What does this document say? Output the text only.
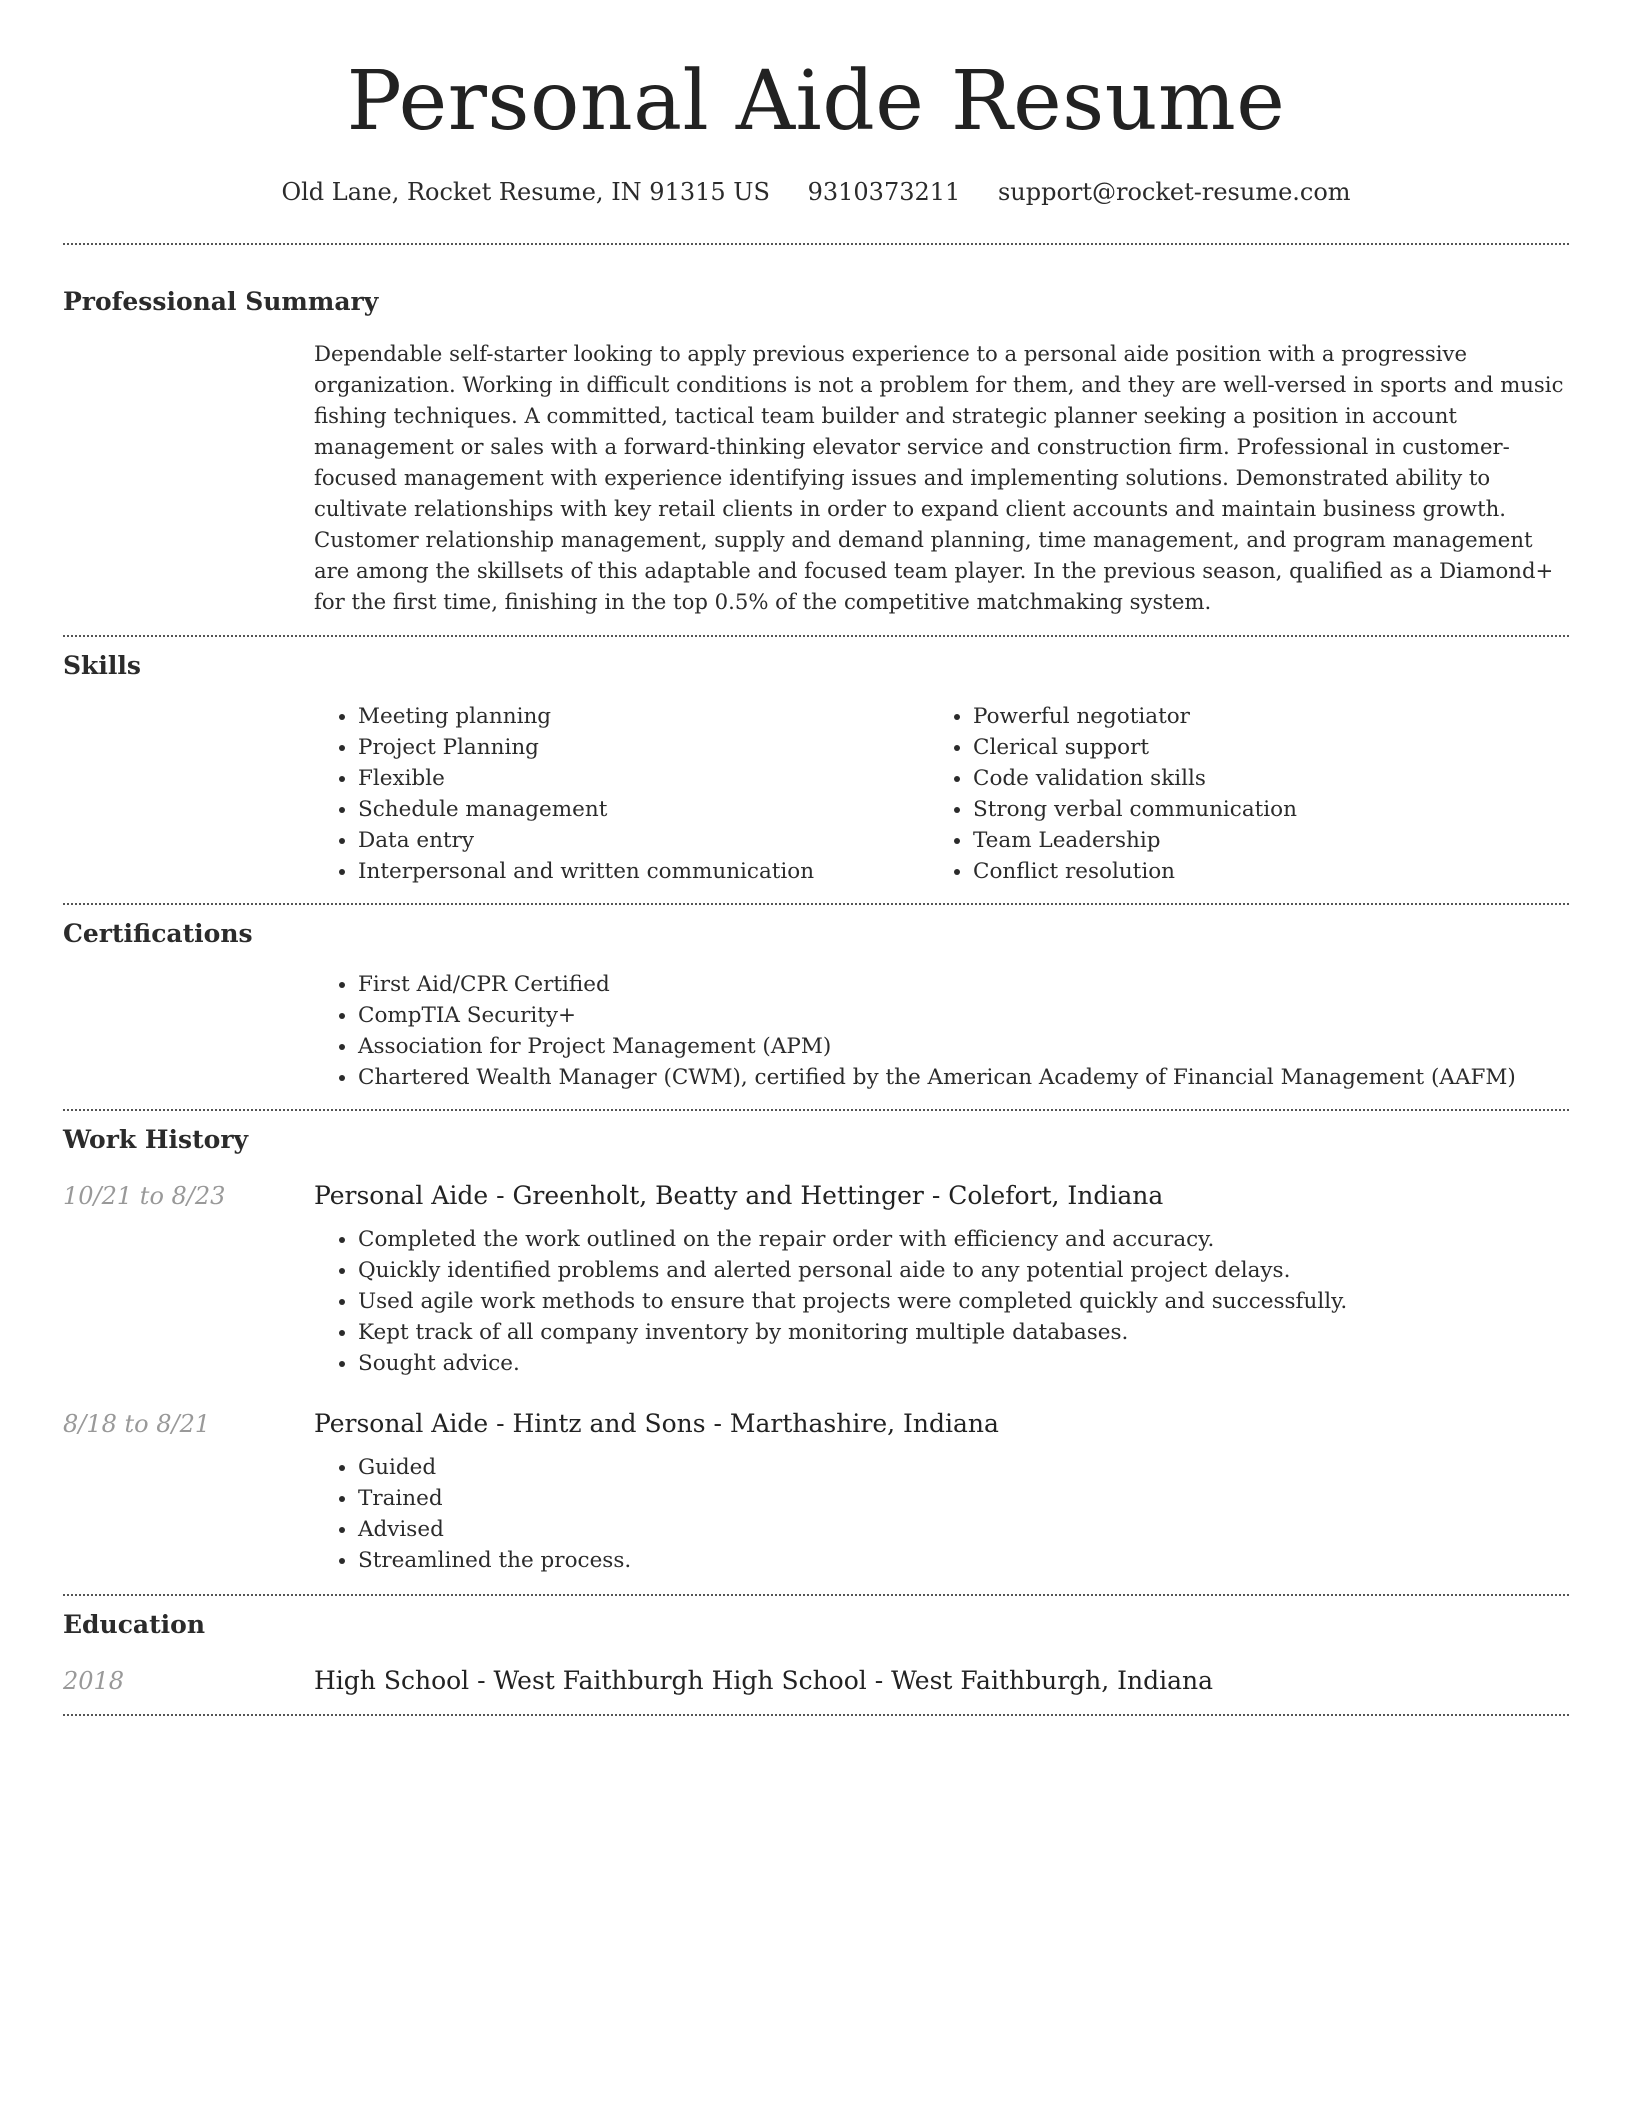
Personal Aide Resume
Old Lane, Rocket Resume, IN 91315 US 9310373211 support@rocket-resume.com
Professional Summary
Dependable self-starter looking to apply previous experience to a personal aide position with a progressive organization. Working in difficult conditions is not a problem for them, and they are well-versed in sports and music fishing techniques. A committed, tactical team builder and strategic planner seeking a position in account management or sales with a forward-thinking elevator service and construction firm. Professional in customer-focused management with experience identifying issues and implementing solutions. Demonstrated ability to cultivate relationships with key retail clients in order to expand client accounts and maintain business growth. Customer relationship management, supply and demand planning, time management, and program management are among the skillsets of this adaptable and focused team player. In the previous season, qualified as a Diamond+ for the first time, finishing in the top 0.5% of the competitive matchmaking system.
Skills
• Meeting planning
• Project Planning
• Flexible
• Schedule management
• Data entry
• Interpersonal and written communication
• Powerful negotiator
• Clerical support
• Code validation skills
• Strong verbal communication
• Team Leadership
• Conflict resolution
Certifications
• First Aid/CPR Certified
• CompTIA Security+
• Association for Project Management (APM)
• Chartered Wealth Manager (CWM), certified by the American Academy of Financial Management (AAFM)
Work History
10/21 to 8/23	Personal Aide - Greenholt, Beatty and Hettinger - Colefort, Indiana
• Completed the work outlined on the repair order with efficiency and accuracy.
• Quickly identified problems and alerted personal aide to any potential project delays.
• Used agile work methods to ensure that projects were completed quickly and successfully.
• Kept track of all company inventory by monitoring multiple databases.
• Sought advice.
8/18 to 8/21	Personal Aide - Hintz and Sons - Marthashire, Indiana
• Guided
• Trained
• Advised
• Streamlined the process.
Education
2018	High School - West Faithburgh High School - West Faithburgh, Indiana
